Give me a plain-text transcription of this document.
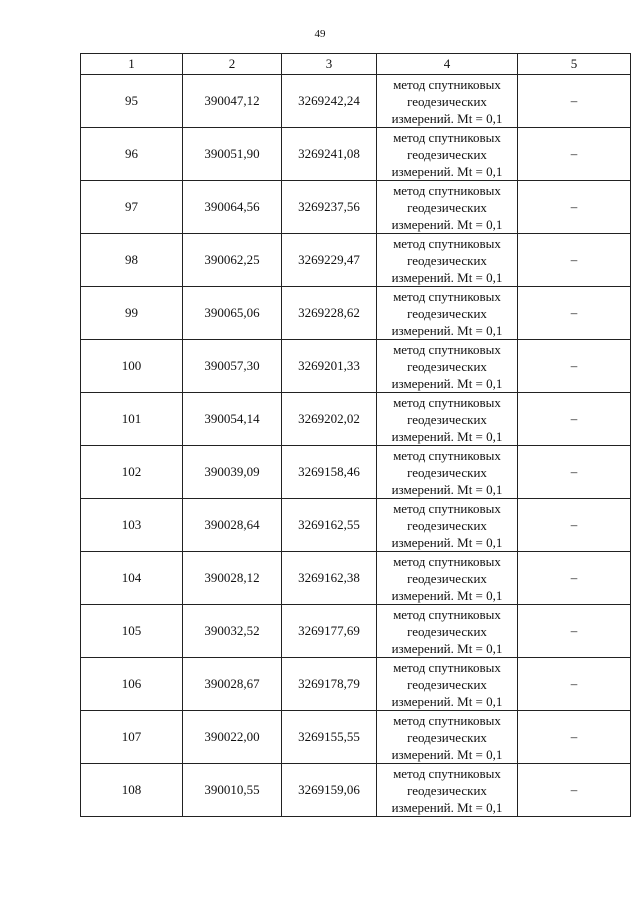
49
1	2	3	4	5
95	390047,12	3269242,24	метод спутниковых
геодезических
измерений. Mt = 0,1	–
96	390051,90	3269241,08	метод спутниковых
геодезических
измерений. Mt = 0,1	–
97	390064,56	3269237,56	метод спутниковых
геодезических
измерений. Mt = 0,1	–
98	390062,25	3269229,47	метод спутниковых
геодезических
измерений. Mt = 0,1	–
99	390065,06	3269228,62	метод спутниковых
геодезических
измерений. Mt = 0,1	–
100	390057,30	3269201,33	метод спутниковых
геодезических
измерений. Mt = 0,1	–
101	390054,14	3269202,02	метод спутниковых
геодезических
измерений. Mt = 0,1	–
102	390039,09	3269158,46	метод спутниковых
геодезических
измерений. Mt = 0,1	–
103	390028,64	3269162,55	метод спутниковых
геодезических
измерений. Mt = 0,1	–
104	390028,12	3269162,38	метод спутниковых
геодезических
измерений. Mt = 0,1	–
105	390032,52	3269177,69	метод спутниковых
геодезических
измерений. Mt = 0,1	–
106	390028,67	3269178,79	метод спутниковых
геодезических
измерений. Mt = 0,1	–
107	390022,00	3269155,55	метод спутниковых
геодезических
измерений. Mt = 0,1	–
108	390010,55	3269159,06	метод спутниковых
геодезических
измерений. Mt = 0,1	–
